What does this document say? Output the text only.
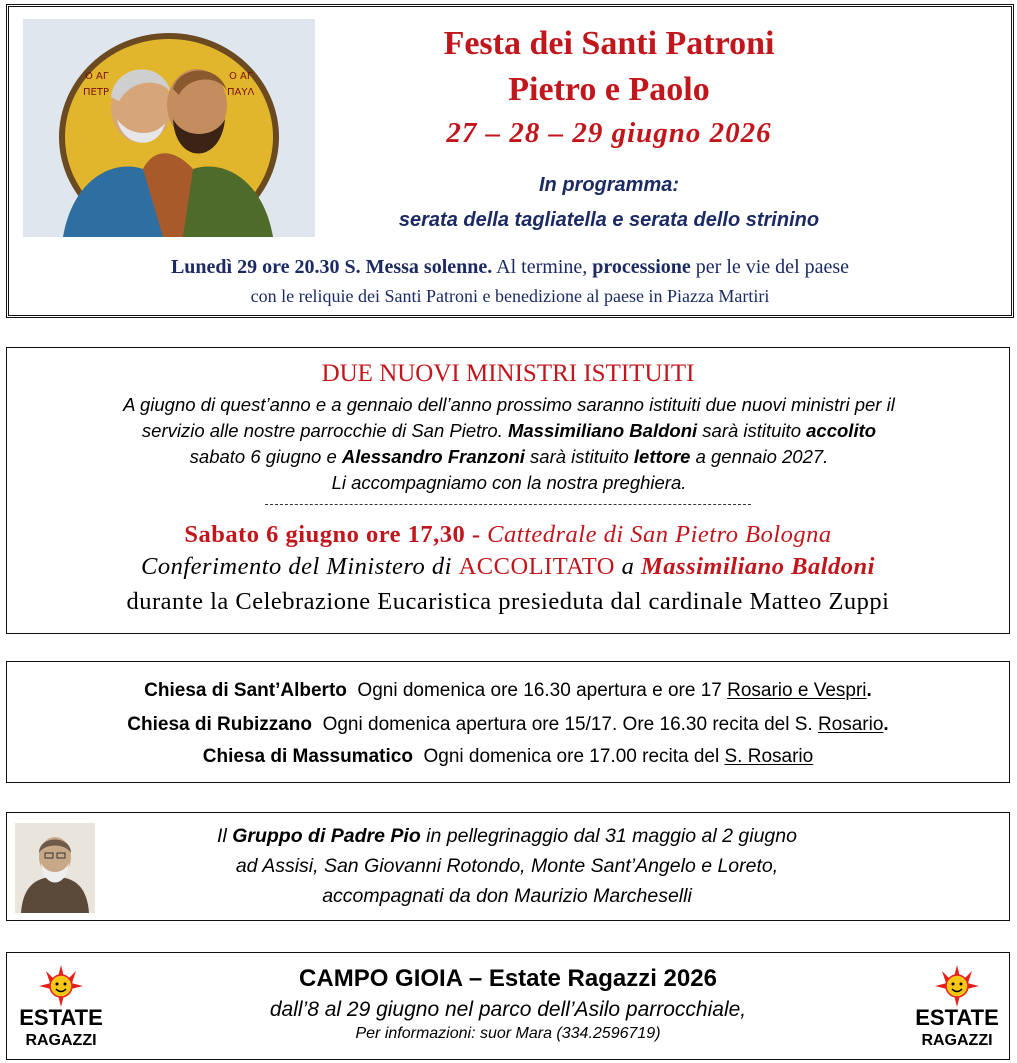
Ο ΑΓ
ΠΕΤΡ
Ο ΑΓ
ΠΑΥΛ
Festa dei Santi Patroni
Pietro e Paolo
27 – 28 – 29 giugno 2026
In programma:
serata della tagliatella e serata dello strinino
Lunedì 29 ore 20.30 S. Messa solenne. Al termine, processione per le vie del paese
con le reliquie dei Santi Patroni e benedizione al paese in Piazza Martiri
DUE NUOVI MINISTRI ISTITUITI
A giugno di quest’anno e a gennaio dell’anno prossimo saranno istituiti due nuovi ministri per il
servizio alle nostre parrocchie di San Pietro. Massimiliano Baldoni sarà istituito accolito
sabato 6 giugno e Alessandro Franzoni sarà istituito lettore a gennaio 2027.
Li accompagniamo con la nostra preghiera.
Sabato 6 giugno ore 17,30 - Cattedrale di San Pietro Bologna
Conferimento del Ministero di ACCOLITATO a Massimiliano Baldoni
durante la Celebrazione Eucaristica presieduta dal cardinale Matteo Zuppi
Chiesa di Sant’Alberto  Ogni domenica ore 16.30 apertura e ore 17 Rosario e Vespri.
Chiesa di Rubizzano  Ogni domenica apertura ore 15/17. Ore 16.30 recita del S. Rosario.
Chiesa di Massumatico  Ogni domenica ore 17.00 recita del S. Rosario
Il Gruppo di Padre Pio in pellegrinaggio dal 31 maggio al 2 giugno
ad Assisi, San Giovanni Rotondo, Monte Sant’Angelo e Loreto,
accompagnati da don Maurizio Marcheselli
ESTATE
RAGAZZI
CAMPO GIOIA – Estate Ragazzi 2026
dall’8 al 29 giugno nel parco dell’Asilo parrocchiale,
Per informazioni: suor Mara (334.2596719)
ESTATE
RAGAZZI
